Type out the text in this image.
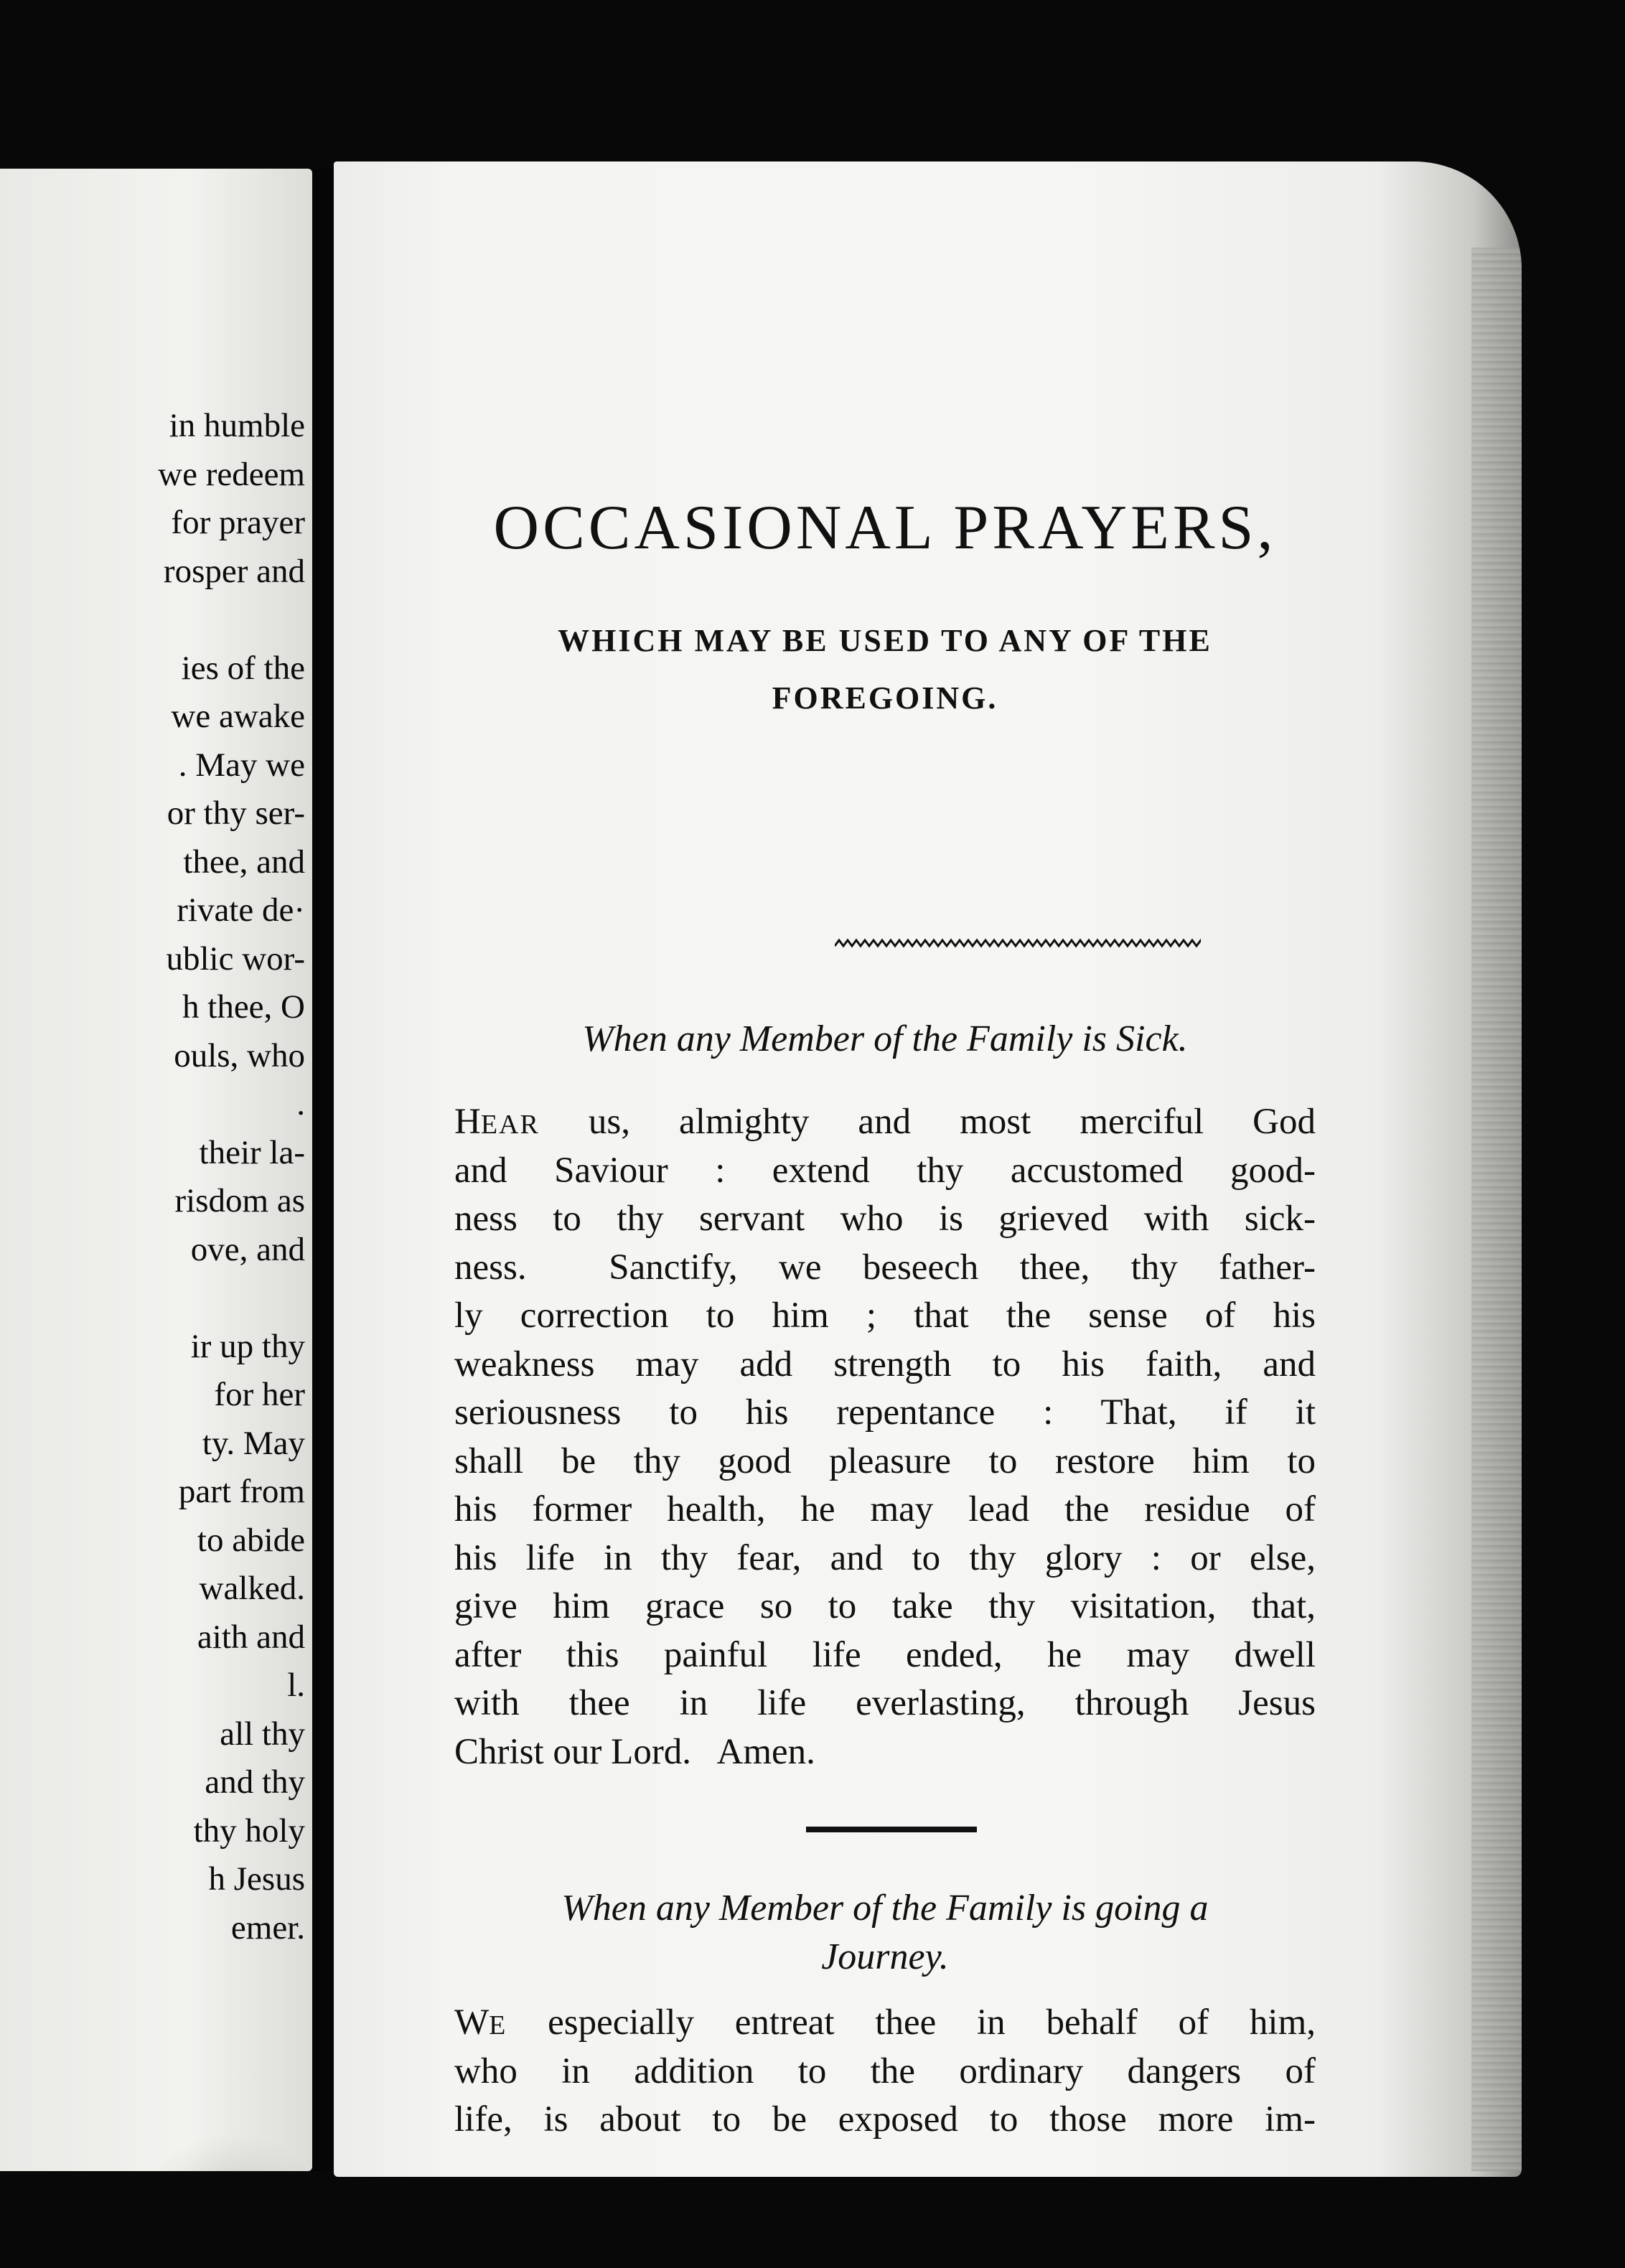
in humble
we redeem
for prayer
rosper and
ies of the
we awake
. May we
or thy ser-
thee, and
rivate de·
ublic wor-
h thee, O
ouls, who
.
their la-
risdom as
ove, and
ir up thy
for her
ty. May
part from
to abide
walked.
aith and
l.
all thy
and thy
thy holy
h Jesus
emer.
OCCASIONAL PRAYERS,
WHICH MAY BE USED TO ANY OF THE
FOREGOING.
When any Member of the Family is Sick.
HEAR us, almighty and most merciful God
and Saviour : extend thy accustomed good-
ness to thy servant who is grieved with sick-
ness.  Sanctify, we beseech thee, thy father-
ly correction to him ; that the sense of his
weakness may add strength to his faith, and
seriousness to his repentance : That, if it
shall be thy good pleasure to restore him to
his former health, he may lead the residue of
his life in thy fear, and to thy glory : or else,
give him grace so to take thy visitation, that,
after this painful life ended, he may dwell
with thee in life everlasting, through Jesus
Christ our Lord.   Amen.
When any Member of the Family is going a
Journey.
WE especially entreat thee in behalf of him,
who in addition to the ordinary dangers of
life, is about to be exposed to those more im-
